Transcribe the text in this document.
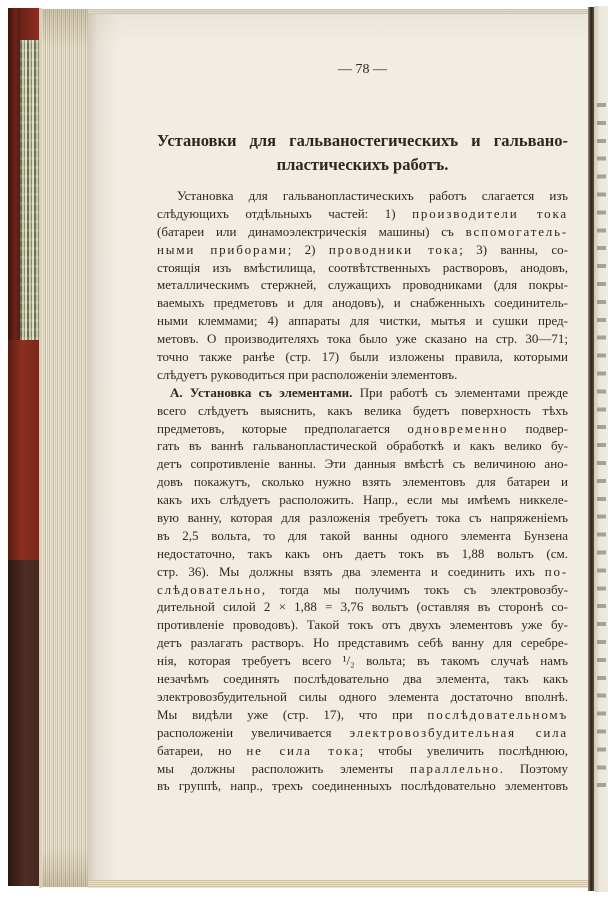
— 78 —
Установки для гальваностегическихъ и гальвано-
пластическихъ работъ.
Установка для гальванопластическихъ работъ слагается изъ
слѣдующихъ отдѣльныхъ частей: 1) производители тока
(батареи или динамоэлектрическія машины) съ вспомогатель-
ными приборами; 2) проводники тока; 3) ванны, со-
стоящія изъ вмѣстилища, соотвѣтственныхъ растворовъ, анодовъ,
металлическимъ стержней, служащихъ проводниками (для покры-
ваемыхъ предметовъ и для анодовъ), и снабженныхъ соединитель-
ными клеммами; 4) аппараты для чистки, мытья и сушки пред-
метовъ. О производителяхъ тока было уже сказано на стр. 30—71;
точно также ранѣе (стр. 17) были изложены правила, которыми
слѣдуетъ руководиться при расположеніи элементовъ.
А. Установка съ элементами. При работѣ съ элементами прежде
всего слѣдуетъ выяснить, какъ велика будетъ поверхность тѣхъ
предметовъ, которые предполагается одновременно подвер-
гать въ ваннѣ гальванопластической обработкѣ и какъ велико бу-
детъ сопротивленіе ванны. Эти данныя вмѣстѣ съ величиною ано-
довъ покажутъ, сколько нужно взять элементовъ для батареи и
какъ ихъ слѣдуетъ расположить. Напр., если мы имѣемъ никкеле-
вую ванну, которая для разложенія требуетъ тока съ напряженіемъ
въ 2,5 вольта, то для такой ванны одного элемента Бунзена
недостаточно, такъ какъ онъ даетъ токъ въ 1,88 вольтъ (см.
стр. 36). Мы должны взять два элемента и соединить ихъ по-
слѣдовательно, тогда мы получимъ токъ съ электровозбу-
дительной силой 2 × 1,88 = 3,76 вольтъ (оставляя въ сторонѣ со-
противленіе проводовъ). Такой токъ отъ двухъ элементовъ уже бу-
детъ разлагать растворъ. Но представимъ себѣ ванну для серебре-
нія, которая требуетъ всего ¹/₂ вольта; въ такомъ случаѣ намъ
незачѣмъ соединять послѣдовательно два элемента, такъ какъ
электровозбудительной силы одного элемента достаточно вполнѣ.
Мы видѣли уже (стр. 17), что при послѣдовательномъ
расположеніи увеличивается электровозбудительная сила
батареи, но не сила тока; чтобы увеличить послѣднюю,
мы должны расположить элементы параллельно. Поэтому
въ группѣ, напр., трехъ соединенныхъ послѣдовательно элементовъ
